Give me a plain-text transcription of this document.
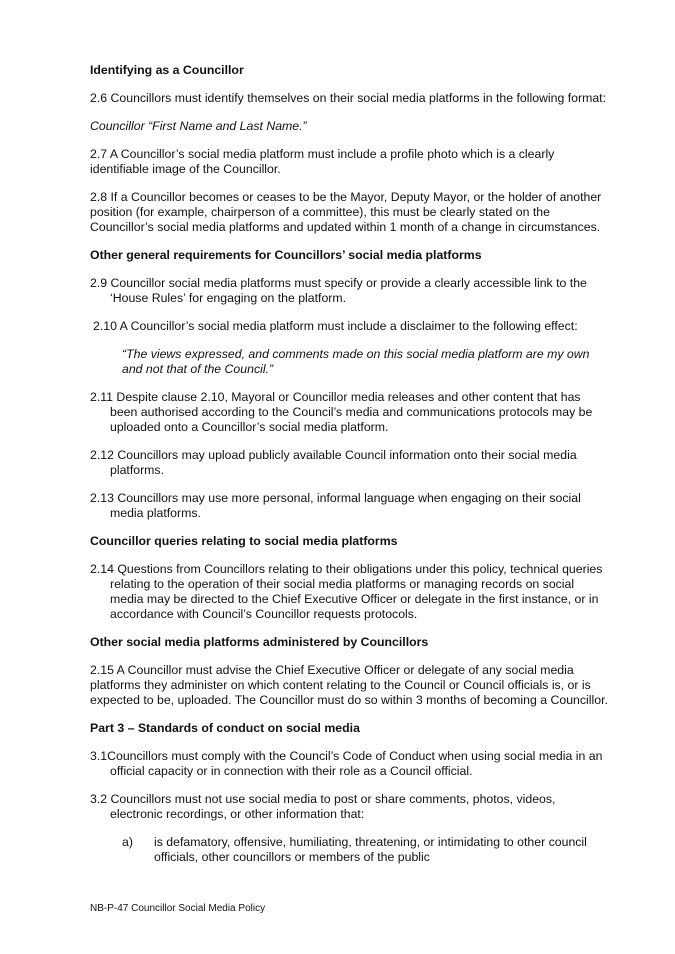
Identifying as a Councillor
2.6 Councillors must identify themselves on their social media platforms in the following format:
Councillor “First Name and Last Name.”
2.7 A Councillor’s social media platform must include a profile photo which is a clearly identifiable image of the Councillor.
2.8 If a Councillor becomes or ceases to be the Mayor, Deputy Mayor, or the holder of another position (for example, chairperson of a committee), this must be clearly stated on the Councillor’s social media platforms and updated within 1 month of a change in circumstances.
Other general requirements for Councillors’ social media platforms
2.9 Councillor social media platforms must specify or provide a clearly accessible link to the ‘House Rules’ for engaging on the platform.
2.10 A Councillor’s social media platform must include a disclaimer to the following effect:
“The views expressed, and comments made on this social media platform are my own and not that of the Council.”
2.11 Despite clause 2.10, Mayoral or Councillor media releases and other content that has been authorised according to the Council’s media and communications protocols may be uploaded onto a Councillor’s social media platform.
2.12 Councillors may upload publicly available Council information onto their social media platforms.
2.13 Councillors may use more personal, informal language when engaging on their social media platforms.
Councillor queries relating to social media platforms
2.14 Questions from Councillors relating to their obligations under this policy, technical queries relating to the operation of their social media platforms or managing records on social media may be directed to the Chief Executive Officer or delegate in the first instance, or in accordance with Council’s Councillor requests protocols.
Other social media platforms administered by Councillors
2.15 A Councillor must advise the Chief Executive Officer or delegate of any social media platforms they administer on which content relating to the Council or Council officials is, or is expected to be, uploaded. The Councillor must do so within 3 months of becoming a Councillor.
Part 3 – Standards of conduct on social media
3.1Councillors must comply with the Council’s Code of Conduct when using social media in an official capacity or in connection with their role as a Council official.
3.2 Councillors must not use social media to post or share comments, photos, videos, electronic recordings, or other information that:
a)	is defamatory, offensive, humiliating, threatening, or intimidating to other council officials, other councillors or members of the public
NB-P-47 Councillor Social Media Policy
